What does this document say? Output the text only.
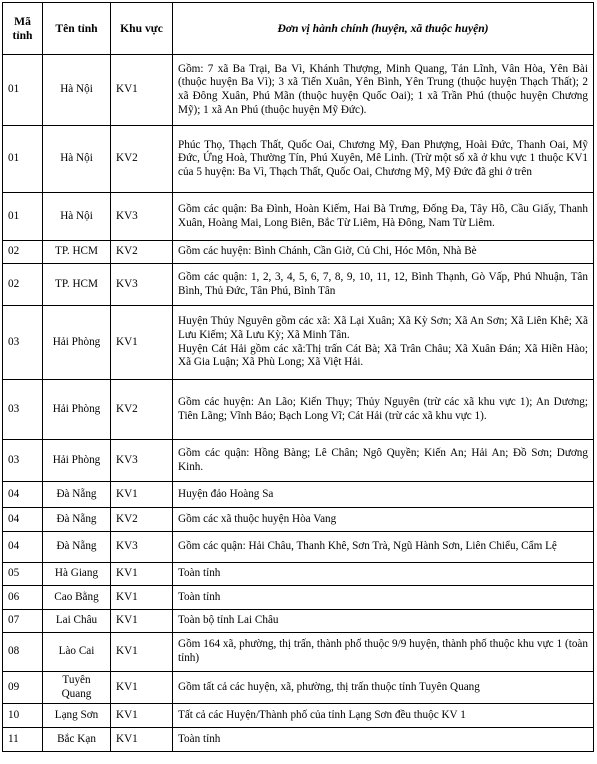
Mã tỉnh	Tên tỉnh	Khu vực	Đơn vị hành chính (huyện, xã thuộc huyện)
01	Hà Nội	KV1	Gồm: 7 xã Ba Trại, Ba Vì, Khánh Thượng, Minh Quang, Tản Lĩnh, Vân Hòa, Yên Bài (thuộc huyện Ba Vì); 3 xã Tiến Xuân, Yên Bình, Yên Trung (thuộc huyện Thạch Thất); 2 xã Đông Xuân, Phú Mãn (thuộc huyện Quốc Oai); 1 xã Trần Phú (thuộc huyện Chương Mỹ); 1 xã An Phú (thuộc huyện Mỹ Đức).
01	Hà Nội	KV2	Phúc Thọ, Thạch Thất, Quốc Oai, Chương Mỹ, Đan Phượng, Hoài Đức, Thanh Oai, Mỹ Đức, Ứng Hoà, Thường Tín, Phú Xuyên, Mê Linh. (Trừ một số xã ở khu vực 1 thuộc KV1 của 5 huyện: Ba Vì, Thạch Thất, Quốc Oai, Chương Mỹ, Mỹ Đức đã ghi ở trên
01	Hà Nội	KV3	Gồm các quận: Ba Đình, Hoàn Kiếm, Hai Bà Trưng, Đống Đa, Tây Hồ, Cầu Giấy, Thanh Xuân, Hoàng Mai, Long Biên, Bắc Từ Liêm, Hà Đông, Nam Từ Liêm.
02	TP. HCM	KV2	Gồm các huyện: Bình Chánh, Cần Giờ, Củ Chi, Hóc Môn, Nhà Bè
02	TP. HCM	KV3	Gồm các quận: 1, 2, 3, 4, 5, 6, 7, 8, 9, 10, 11, 12, Bình Thạnh, Gò Vấp, Phú Nhuận, Tân Bình, Thủ Đức, Tân Phú, Bình Tân
03	Hải Phòng	KV1	Huyện Thủy Nguyên gồm các xã: Xã Lại Xuân; Xã Kỳ Sơn; Xã An Sơn; Xã Liên Khê; Xã Lưu Kiếm; Xã Lưu Kỳ; Xã Minh Tân.
Huyện Cát Hải gồm các xã:Thị trấn Cát Bà; Xã Trân Châu; Xã Xuân Đán; Xã Hiền Hào; Xã Gia Luận; Xã Phù Long; Xã Việt Hải.

03	Hải Phòng	KV2	Gồm các huyện: An Lão; Kiến Thụy; Thủy Nguyên (trừ các xã khu vực 1); An Dương; Tiên Lãng; Vĩnh Bảo; Bạch Long Vĩ; Cát Hải (trừ các xã khu vực 1).
03	Hải Phòng	KV3	Gồm các quận: Hồng Bàng; Lê Chân; Ngô Quyền; Kiến An; Hải An; Đồ Sơn; Dương Kinh.
04	Đà Nẵng	KV1	Huyện đảo Hoàng Sa
04	Đà Nẵng	KV2	Gồm các xã thuộc huyện Hòa Vang
04	Đà Nẵng	KV3	Gồm các quận: Hải Châu, Thanh Khê, Sơn Trà, Ngũ Hành Sơn, Liên Chiểu, Cẩm Lệ
05	Hà Giang	KV1	Toàn tỉnh
06	Cao Bằng	KV1	Toàn tỉnh
07	Lai Châu	KV1	Toàn bộ tỉnh Lai Châu
08	Lào Cai	KV1	Gồm 164 xã, phường, thị trấn, thành phố thuộc 9/9 huyện, thành phố thuộc khu vực 1 (toàn tỉnh)
09	Tuyên Quang	KV1	Gồm tất cả các huyện, xã, phường, thị trấn thuộc tỉnh Tuyên Quang
10	Lạng Sơn	KV1	Tất cả các Huyện/Thành phố của tỉnh Lạng Sơn đều thuộc KV 1
11	Bắc Kạn	KV1	Toàn tỉnh
